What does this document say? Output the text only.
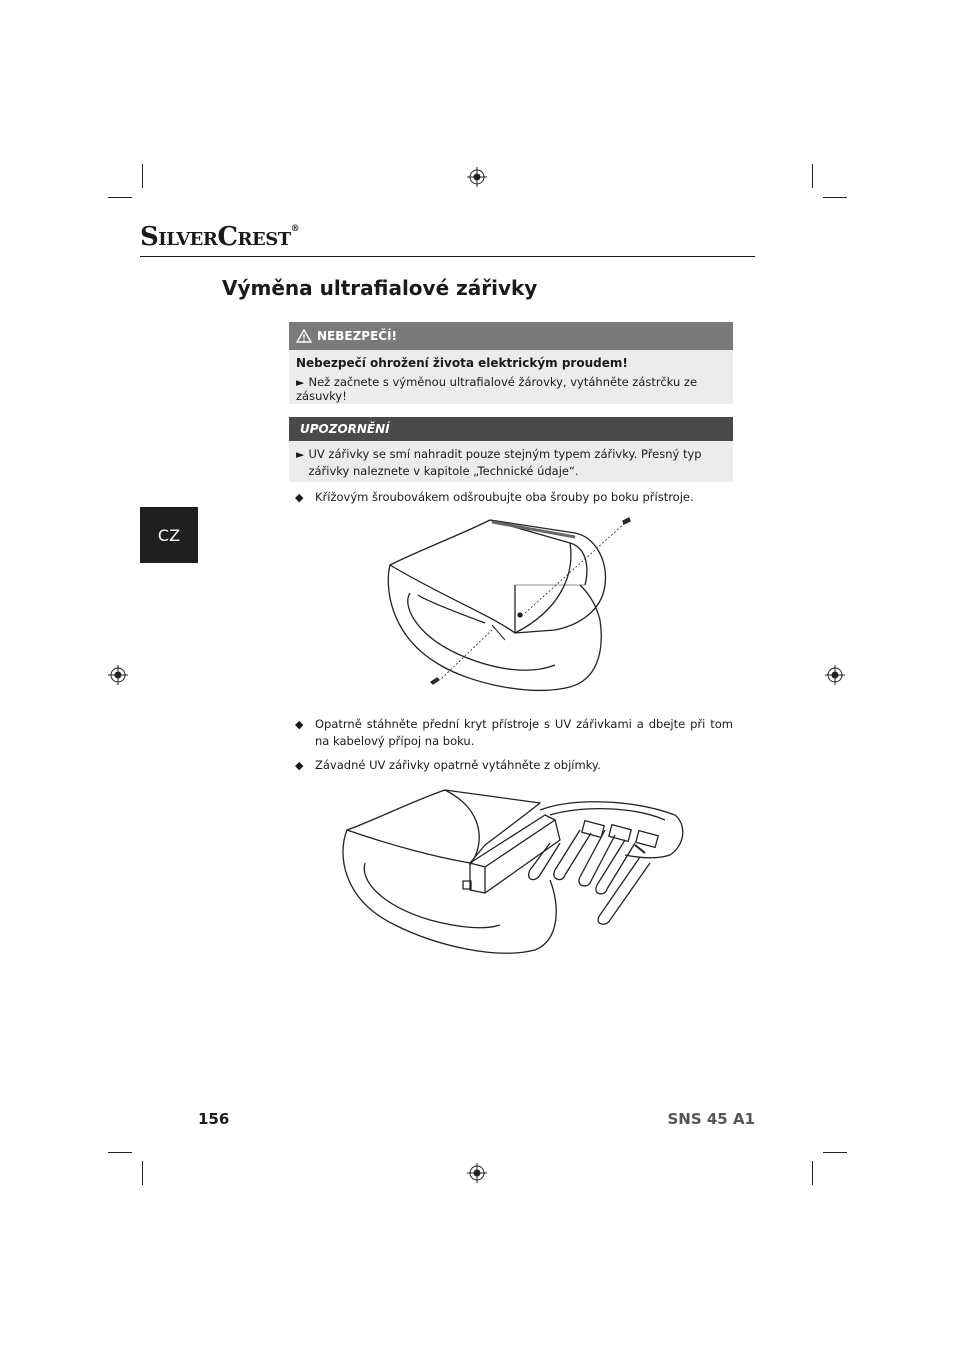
SilverCrest®
Výměna ultrafialové zářivky
CZ
NEBEZPEČÍ!
Nebezpečí ohrožení života elektrickým proudem!
► Než začnete s výměnou ultrafialové žárovky, vytáhněte zástrčku ze zásuvky!
UPOZORNĚNÍ
► UV zářivky se smí nahradit pouze stejným typem zářivky. Přesný typ zářivky naleznete v kapitole „Technické údaje“.
◆	Křížovým šroubovákem odšroubujte oba šrouby po boku přístroje.
◆	Opatrně stáhněte přední kryt přístroje s UV zářivkami a dbejte při tom na kabelový přípoj na boku.
◆	Závadné UV zářivky opatrně vytáhněte z objímky.
156	SNS 45 A1
